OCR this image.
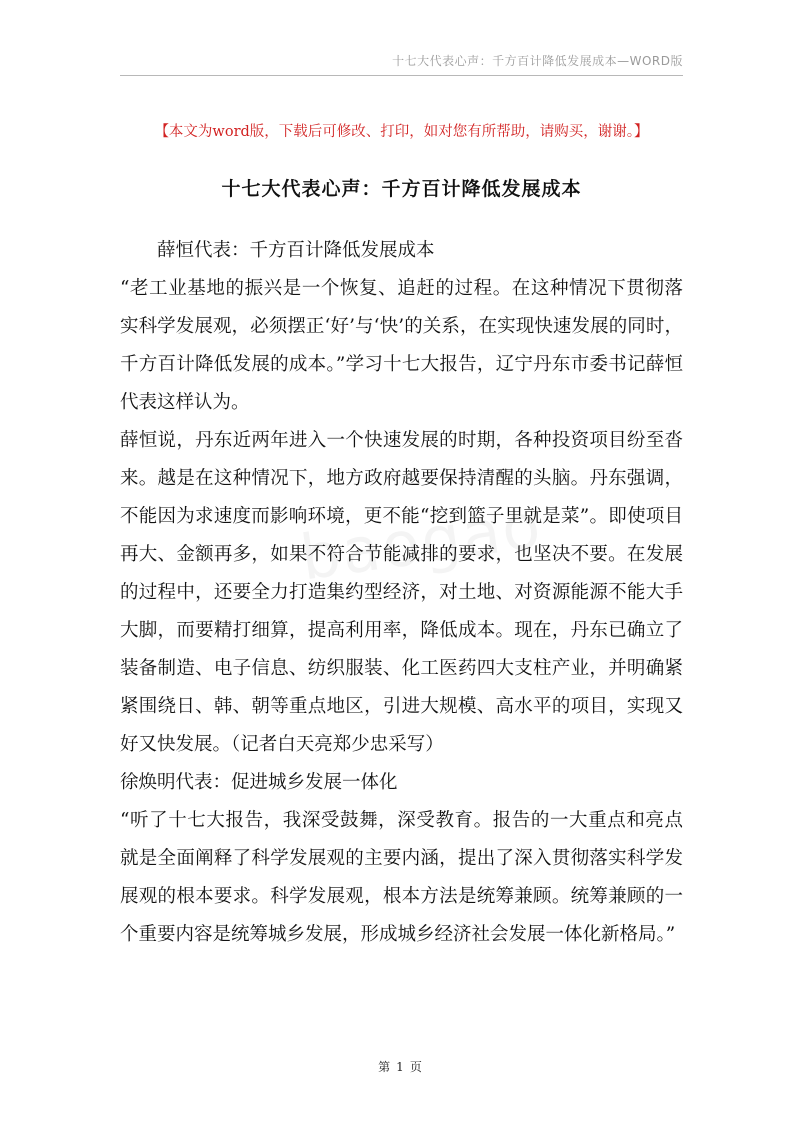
十七大代表心声：千方百计降低发展成本—WORD版
【本文为word版，下载后可修改、打印，如对您有所帮助，请购买，谢谢。】
十七大代表心声：千方百计降低发展成本

薛恒代表：千方百计降低发展成本

“老工业基地的振兴是一个恢复、追赶的过程。在这种情况下贯彻落实科学发展观，必须摆正‘好’与‘快’的关系，在实现快速发展的同时，千方百计降低发展的成本。”学习十七大报告，辽宁丹东市委书记薛恒代表这样认为。

薛恒说，丹东近两年进入一个快速发展的时期，各种投资项目纷至沓来。越是在这种情况下，地方政府越要保持清醒的头脑。丹东强调，不能因为求速度而影响环境，更不能“挖到篮子里就是菜”。即使项目再大、金额再多，如果不符合节能减排的要求，也坚决不要。在发展的过程中，还要全力打造集约型经济，对土地、对资源能源不能大手大脚，而要精打细算，提高利用率，降低成本。现在，丹东已确立了装备制造、电子信息、纺织服装、化工医药四大支柱产业，并明确紧紧围绕日、韩、朝等重点地区，引进大规模、高水平的项目，实现又好又快发展。（记者白天亮郑少忠采写）

徐焕明代表：促进城乡发展一体化

“听了十七大报告，我深受鼓舞，深受教育。报告的一大重点和亮点就是全面阐释了科学发展观的主要内涵，提出了深入贯彻落实科学发展观的根本要求。科学发展观，根本方法是统筹兼顾。统筹兼顾的一个重要内容是统筹城乡发展，形成城乡经济社会发展一体化新格局。”

第 1 页
